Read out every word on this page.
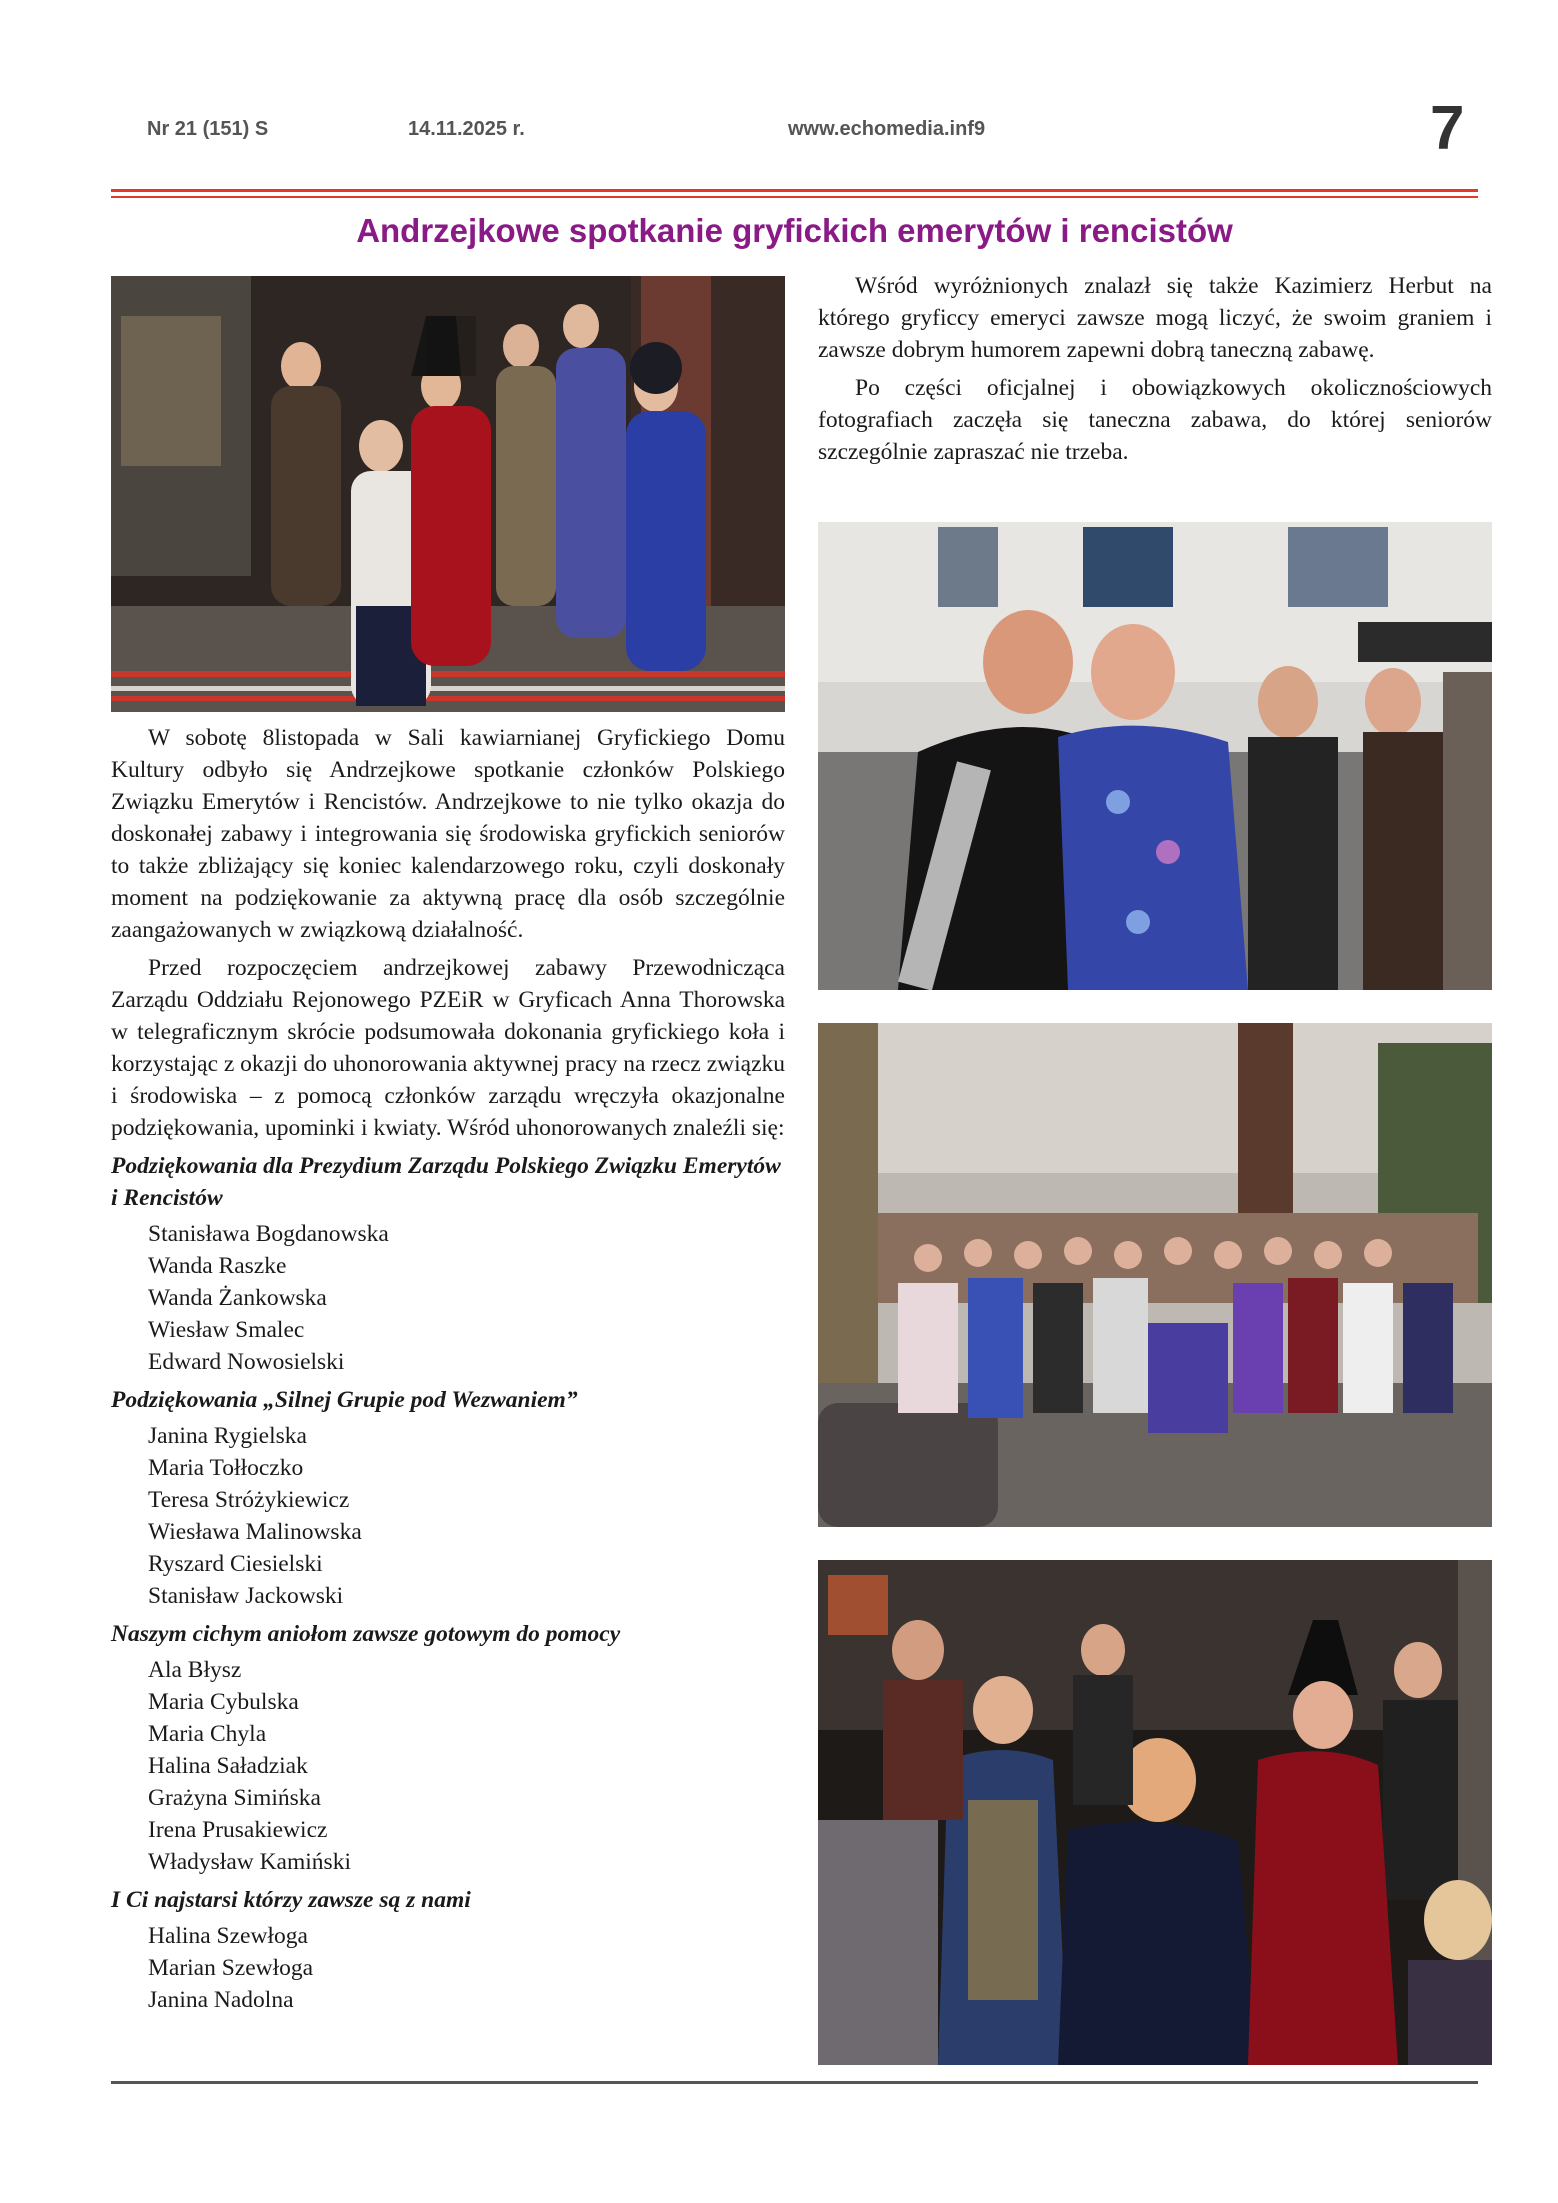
Nr 21 (151) S	14.11.2025 r.	www.echomedia.inf9	7
Andrzejkowe spotkanie gryfickich emerytów i rencistów

W sobotę 8listopada w Sali kawiarnianej Gryfickiego Domu Kultury odbyło się Andrzejkowe spotkanie członków Polskiego Związku Emerytów i Rencistów. Andrzejkowe to nie tylko okazja do doskonałej zabawy i integrowania się środowiska gryfickich seniorów to także zbliżający się koniec kalendarzowego roku, czyli doskonały moment na podziękowanie za aktywną pracę dla osób szczególnie zaangażowanych w związkową działalność.

Przed rozpoczęciem andrzejkowej zabawy Przewodnicząca Zarządu Oddziału Rejonowego PZEiR w Gryficach Anna Thorowska w telegraficznym skrócie podsumowała dokonania gryfickiego koła i korzystając z okazji do uhonorowania aktywnej pracy na rzecz związku i środowiska – z pomocą członków zarządu wręczyła okazjonalne podziękowania, upominki i kwiaty. Wśród uhonorowanych znaleźli się:

Podziękowania dla Prezydium Zarządu Polskiego Związku Emerytów i Rencistów
Stanisława Bogdanowska
Wanda Raszke
Wanda Żankowska
Wiesław Smalec
Edward Nowosielski
Podziękowania „Silnej Grupie pod Wezwaniem”
Janina Rygielska
Maria Tołłoczko
Teresa Stróżykiewicz
Wiesława Malinowska
Ryszard Ciesielski
Stanisław Jackowski
Naszym cichym aniołom zawsze gotowym do pomocy
Ala Błysz
Maria Cybulska
Maria Chyla
Halina Saładziak
Grażyna Simińska
Irena Prusakiewicz
Władysław Kamiński
I Ci najstarsi którzy zawsze są z nami
Halina Szewłoga
Marian Szewłoga
Janina Nadolna

Wśród wyróżnionych znalazł się także Kazimierz Herbut na którego gryficcy emeryci zawsze mogą liczyć, że swoim graniem i zawsze dobrym humorem zapewni dobrą taneczną zabawę.

Po części oficjalnej i obowiązkowych okolicznościowych fotografiach zaczęła się taneczna zabawa, do której seniorów szczególnie zapraszać nie trzeba.
